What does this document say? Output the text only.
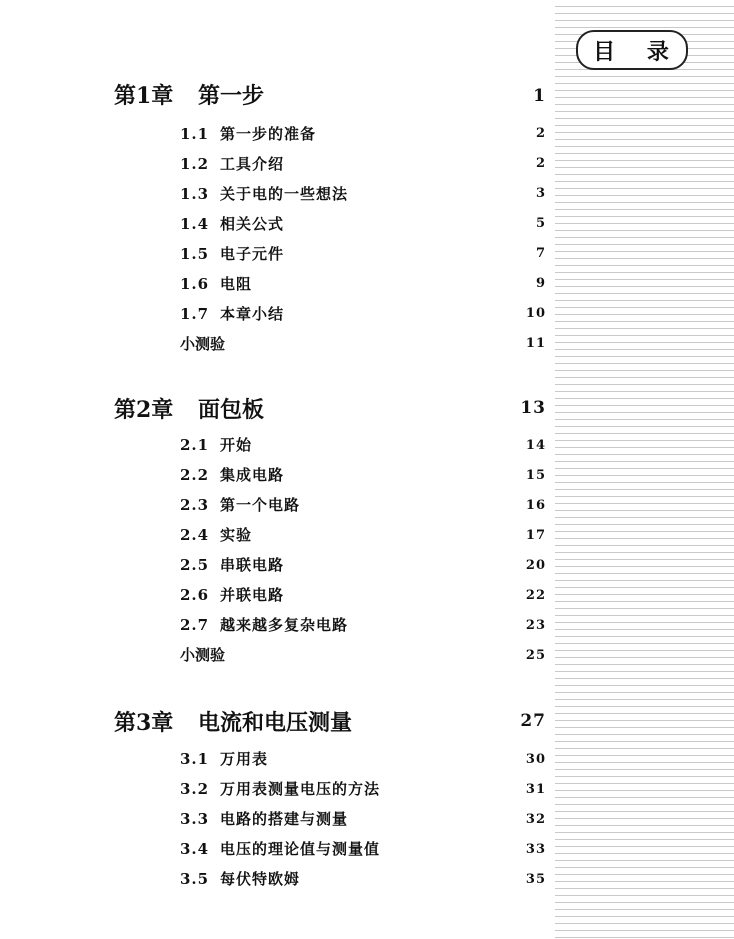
目 录
第1章 第一步	1
1.1 第一步的准备	2
1.2 工具介绍	2
1.3 关于电的一些想法	3
1.4 相关公式	5
1.5 电子元件	7
1.6 电阻	9
1.7 本章小结	10
小测验	11
第2章 面包板	13
2.1 开始	14
2.2 集成电路	15
2.3 第一个电路	16
2.4 实验	17
2.5 串联电路	20
2.6 并联电路	22
2.7 越来越多复杂电路	23
小测验	25
第3章 电流和电压测量	27
3.1 万用表	30
3.2 万用表测量电压的方法	31
3.3 电路的搭建与测量	32
3.4 电压的理论值与测量值	33
3.5 每伏特欧姆	35
